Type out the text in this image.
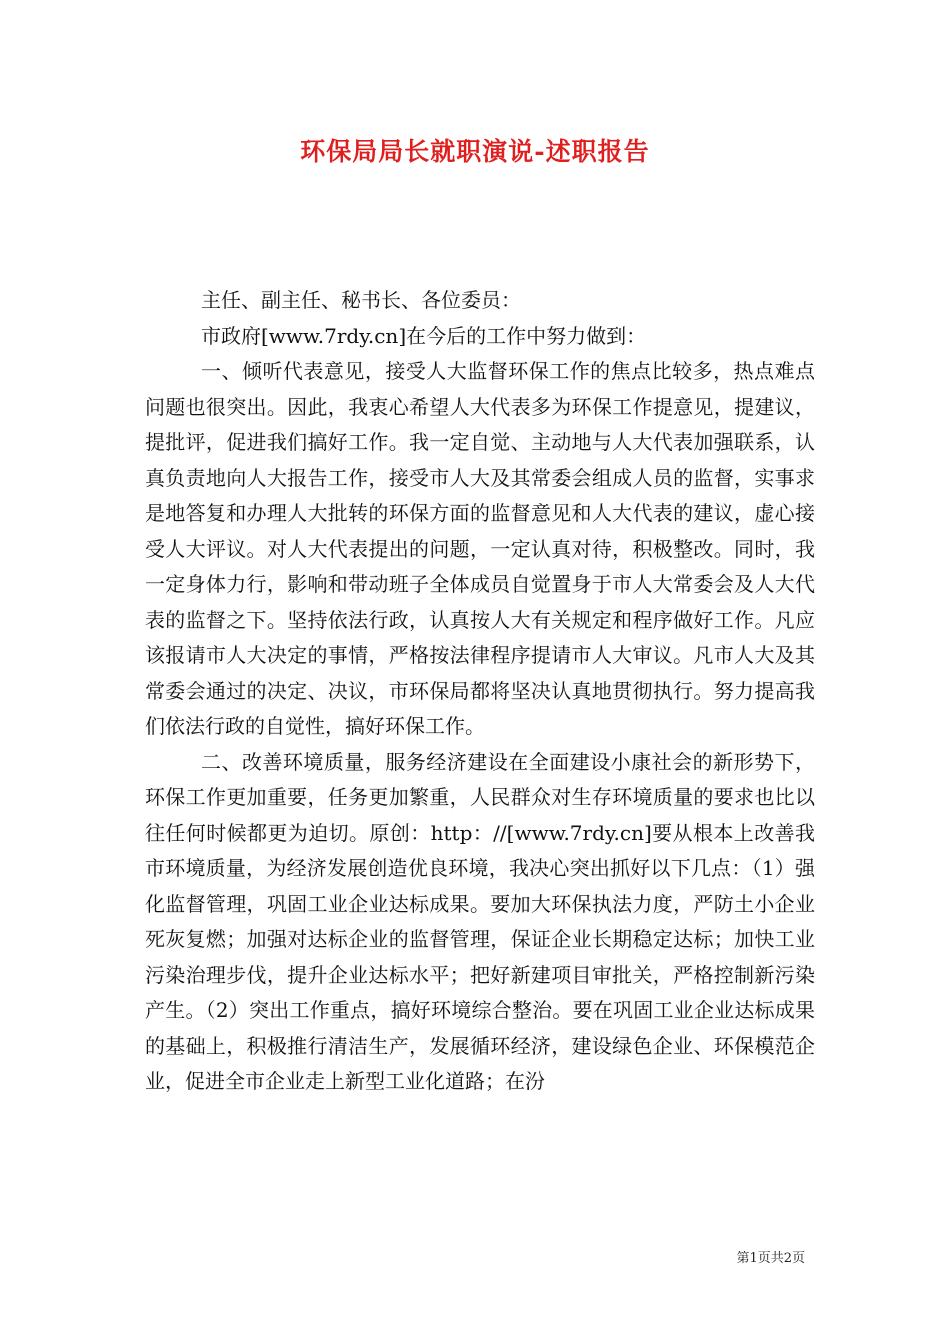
环保局局长就职演说-述职报告

主任、副主任、秘书长、各位委员：

市政府[www.7rdy.cn]在今后的工作中努力做到：

一、倾听代表意见，接受人大监督环保工作的焦点比较多，热点难点问题也很突出。因此，我衷心希望人大代表多为环保工作提意见，提建议，提批评，促进我们搞好工作。我一定自觉、主动地与人大代表加强联系，认真负责地向人大报告工作，接受市人大及其常委会组成人员的监督，实事求是地答复和办理人大批转的环保方面的监督意见和人大代表的建议，虚心接受人大评议。对人大代表提出的问题，一定认真对待，积极整改。同时，我一定身体力行，影响和带动班子全体成员自觉置身于市人大常委会及人大代表的监督之下。坚持依法行政，认真按人大有关规定和程序做好工作。凡应该报请市人大决定的事情，严格按法律程序提请市人大审议。凡市人大及其常委会通过的决定、决议，市环保局都将坚决认真地贯彻执行。努力提高我们依法行政的自觉性，搞好环保工作。

二、改善环境质量，服务经济建设在全面建设小康社会的新形势下，环保工作更加重要，任务更加繁重，人民群众对生存环境质量的要求也比以往任何时候都更为迫切。原创：http：//[www.7rdy.cn]要从根本上改善我市环境质量，为经济发展创造优良环境，我决心突出抓好以下几点：（1）强化监督管理，巩固工业企业达标成果。要加大环保执法力度，严防土小企业死灰复燃；加强对达标企业的监督管理，保证企业长期稳定达标；加快工业污染治理步伐，提升企业达标水平；把好新建项目审批关，严格控制新污染产生。（2）突出工作重点，搞好环境综合整治。要在巩固工业企业达标成果的基础上，积极推行清洁生产，发展循环经济，建设绿色企业、环保模范企业，促进全市企业走上新型工业化道路；在汾

第1页共2页
